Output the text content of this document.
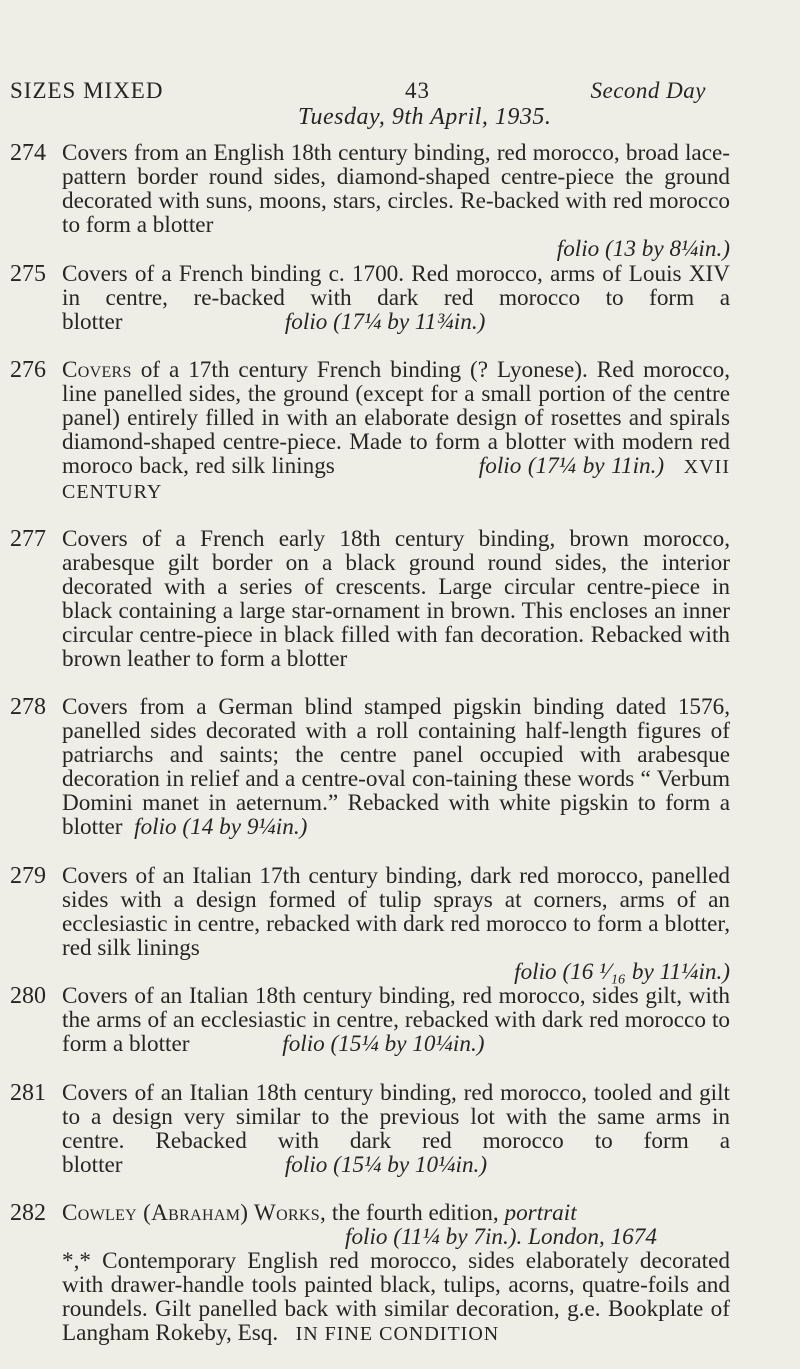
SIZES MIXED	43	Second Day
Tuesday, 9th April, 1935.
274 Covers from an English 18th century binding, red morocco, broad lace-pattern border round sides, diamond-shaped centre-piece the ground decorated with suns, moons, stars, circles. Re-backed with red morocco to form a blotter
folio (13 by 8¼in.)
275 Covers of a French binding c. 1700. Red morocco, arms of Louis XIV in centre, re-backed with dark red morocco to form a blotter	folio (17¼ by 11¾in.)
276 Covers of a 17th century French binding (? Lyonese). Red morocco, line panelled sides, the ground (except for a small portion of the centre panel) entirely filled in with an elaborate design of rosettes and spirals diamond-shaped centre-piece. Made to form a blotter with modern red moroco back, red silk linings	folio (17¼ by 11in.) XVII CENTURY
277 Covers of a French early 18th century binding, brown morocco, arabesque gilt border on a black ground round sides, the interior decorated with a series of crescents. Large circular centre-piece in black containing a large star-ornament in brown. This encloses an inner circular centre-piece in black filled with fan decoration. Rebacked with brown leather to form a blotter
278 Covers from a German blind stamped pigskin binding dated 1576, panelled sides decorated with a roll containing half-length figures of patriarchs and saints; the centre panel occupied with arabesque decoration in relief and a centre-oval con-taining these words “ Verbum Domini manet in aeternum.” Rebacked with white pigskin to form a blotter folio (14 by 9¼in.)
279 Covers of an Italian 17th century binding, dark red morocco, panelled sides with a design formed of tulip sprays at corners, arms of an ecclesiastic in centre, rebacked with dark red morocco to form a blotter, red silk linings
folio (16 ¹⁄₁₆ by 11¼in.)
280 Covers of an Italian 18th century binding, red morocco, sides gilt, with the arms of an ecclesiastic in centre, rebacked with dark red morocco to form a blotter	folio (15¼ by 10¼in.)
281 Covers of an Italian 18th century binding, red morocco, tooled and gilt to a design very similar to the previous lot with the same arms in centre. Rebacked with dark red morocco to form a blotter	folio (15¼ by 10¼in.)
282 Cowley (Abraham) Works, the fourth edition, portrait
folio (11¼ by 7in.). London, 1674
*,* Contemporary English red morocco, sides elaborately decorated with drawer-handle tools painted black, tulips, acorns, quatre-foils and roundels. Gilt panelled back with similar decoration, g.e. Bookplate of Langham Rokeby, Esq. IN FINE CONDITION
